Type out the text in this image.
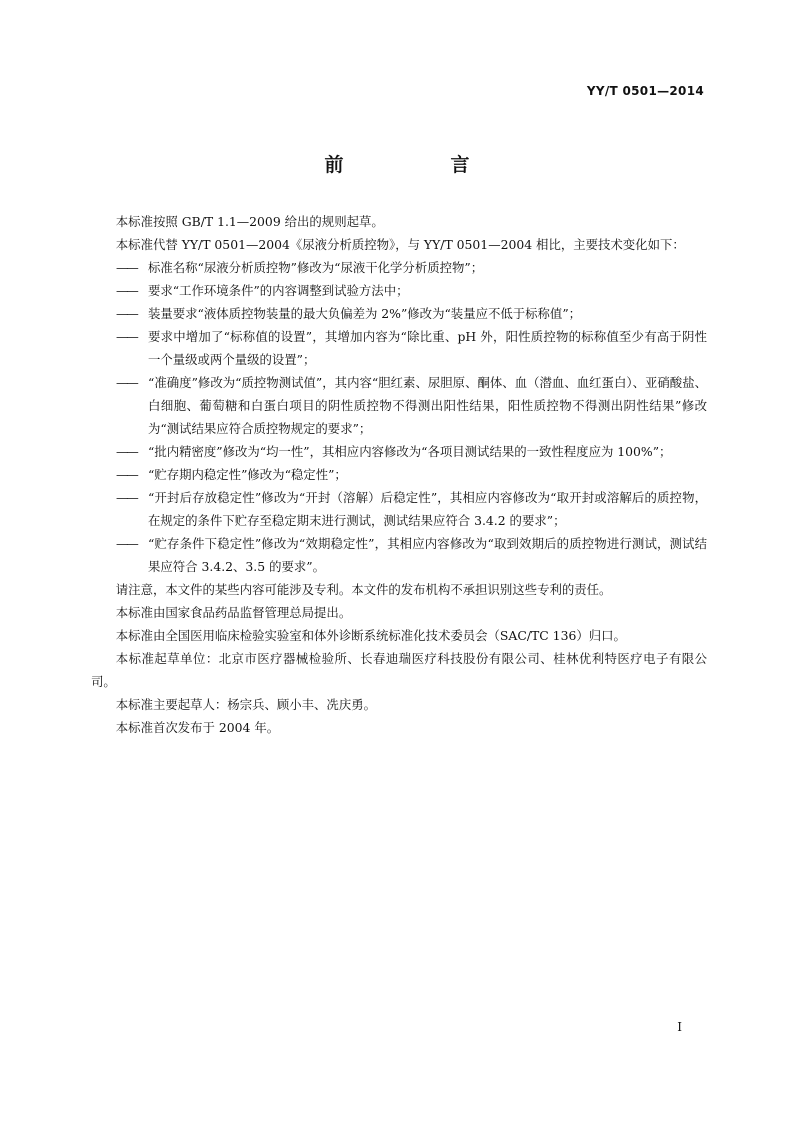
YY/T 0501—2014
前　言

本标准按照 GB/T 1.1—2009 给出的规则起草。

本标准代替 YY/T 0501—2004《尿液分析质控物》，与 YY/T 0501—2004 相比，主要技术变化如下：

—— 标准名称“尿液分析质控物”修改为“尿液干化学分析质控物”；

—— 要求“工作环境条件”的内容调整到试验方法中；

—— 装量要求“液体质控物装量的最大负偏差为 2%”修改为“装量应不低于标称值”；

—— 要求中增加了“标称值的设置”，其增加内容为“除比重、pH 外，阳性质控物的标称值至少有高于阴性一个量级或两个量级的设置”；

—— “准确度”修改为“质控物测试值”，其内容“胆红素、尿胆原、酮体、血（潜血、血红蛋白）、亚硝酸盐、白细胞、葡萄糖和白蛋白项目的阴性质控物不得测出阳性结果，阳性质控物不得测出阴性结果”修改为“测试结果应符合质控物规定的要求”；

—— “批内精密度”修改为“均一性”，其相应内容修改为“各项目测试结果的一致性程度应为 100%”；

—— “贮存期内稳定性”修改为“稳定性”；

—— “开封后存放稳定性”修改为“开封（溶解）后稳定性”，其相应内容修改为“取开封或溶解后的质控物，在规定的条件下贮存至稳定期末进行测试，测试结果应符合 3.4.2 的要求”；

—— “贮存条件下稳定性”修改为“效期稳定性”，其相应内容修改为“取到效期后的质控物进行测试，测试结果应符合 3.4.2、3.5 的要求”。

请注意，本文件的某些内容可能涉及专利。本文件的发布机构不承担识别这些专利的责任。

本标准由国家食品药品监督管理总局提出。

本标准由全国医用临床检验实验室和体外诊断系统标准化技术委员会（SAC/TC 136）归口。

本标准起草单位：北京市医疗器械检验所、长春迪瑞医疗科技股份有限公司、桂林优利特医疗电子有限公司。

本标准主要起草人：杨宗兵、顾小丰、冼庆勇。

本标准首次发布于 2004 年。

I
